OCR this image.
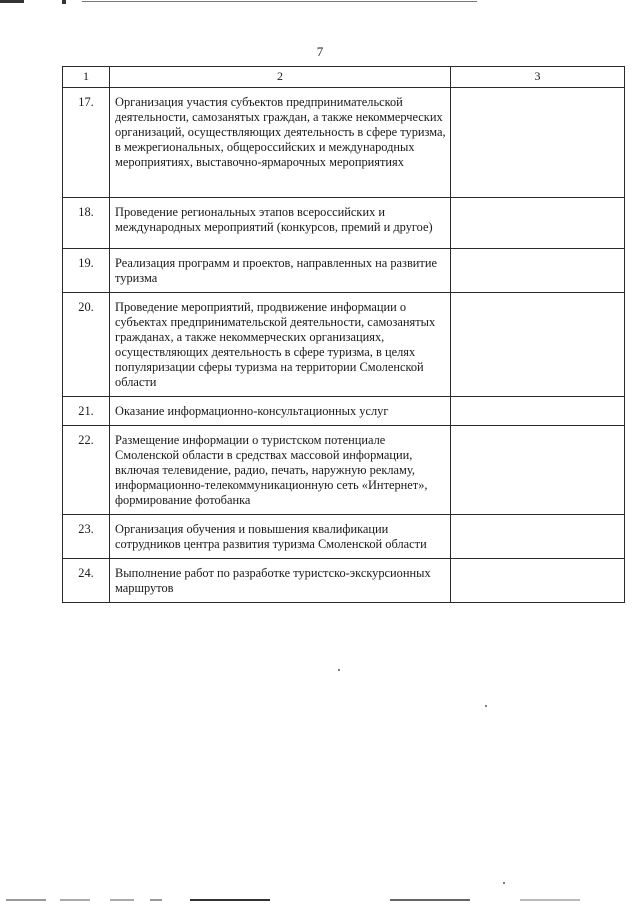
7
1	2	3
17.	Организация участия субъектов предпринимательской деятельности, самозанятых граждан, а также некоммерческих организаций, осуществляющих деятельность в сфере туризма, в межрегиональных, общероссийских и международных мероприятиях, выставочно-ярмарочных мероприятиях	
18.	Проведение региональных этапов всероссийских и международных мероприятий (конкурсов, премий и другое)	
19.	Реализация программ и проектов, направленных на развитие туризма	
20.	Проведение мероприятий, продвижение информации о субъектах предпринимательской деятельности, самозанятых гражданах, а также некоммерческих организациях, осуществляющих деятельность в сфере туризма, в целях популяризации сферы туризма на территории Смоленской области	
21.	Оказание информационно-консультационных услуг	
22.	Размещение информации о туристском потенциале Смоленской области в средствах массовой информации, включая телевидение, радио, печать, наружную рекламу, информационно-телекоммуникационную сеть «Интернет», формирование фотобанка	
23.	Организация обучения и повышения квалификации сотрудников центра развития туризма Смоленской области	
24.	Выполнение работ по разработке туристско-экскурсионных маршрутов	
